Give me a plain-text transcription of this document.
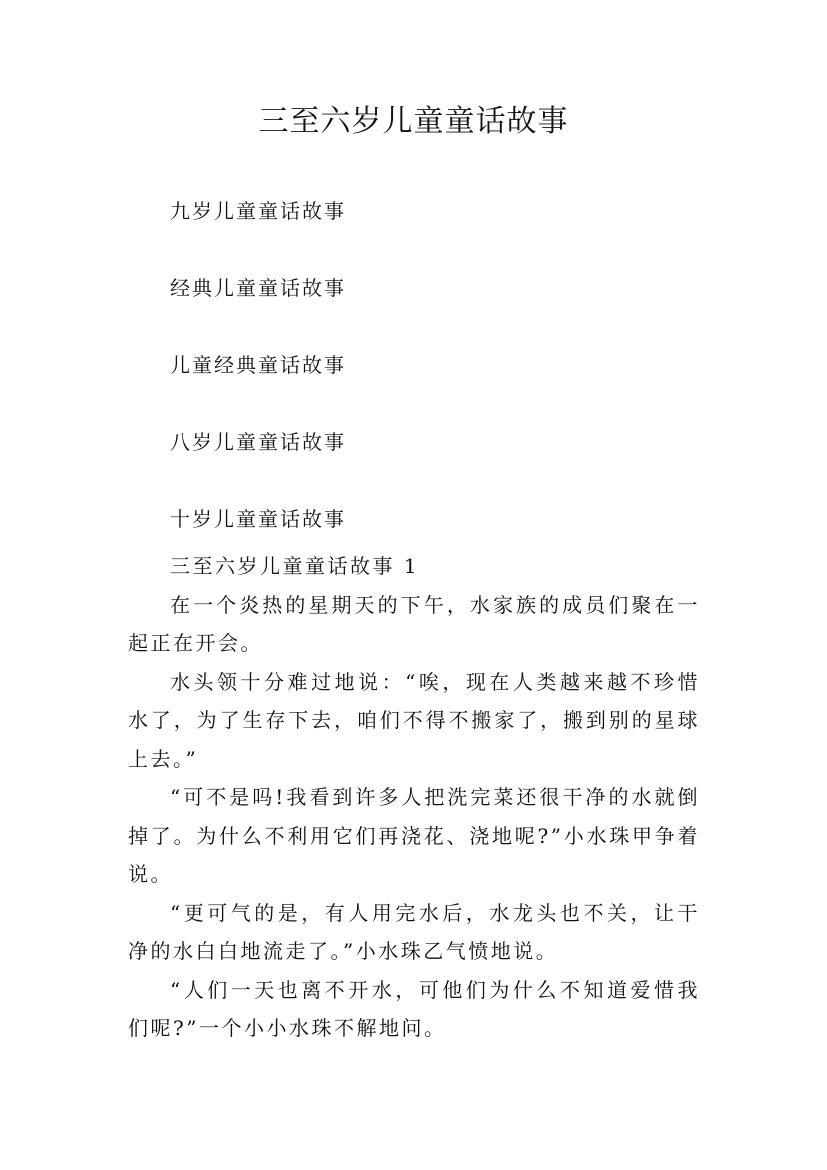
三至六岁儿童童话故事
九岁儿童童话故事
经典儿童童话故事
儿童经典童话故事
八岁儿童童话故事
十岁儿童童话故事

三至六岁儿童童话故事 1

在一个炎热的星期天的下午，水家族的成员们聚在一起正在开会。

水头领十分难过地说：“唉，现在人类越来越不珍惜水了，为了生存下去，咱们不得不搬家了，搬到别的星球上去。”

“可不是吗!我看到许多人把洗完菜还很干净的水就倒掉了。为什么不利用它们再浇花、浇地呢?”小水珠甲争着说。

“更可气的是，有人用完水后，水龙头也不关，让干净的水白白地流走了。”小水珠乙气愤地说。

“人们一天也离不开水，可他们为什么不知道爱惜我们呢?”一个小小水珠不解地问。
